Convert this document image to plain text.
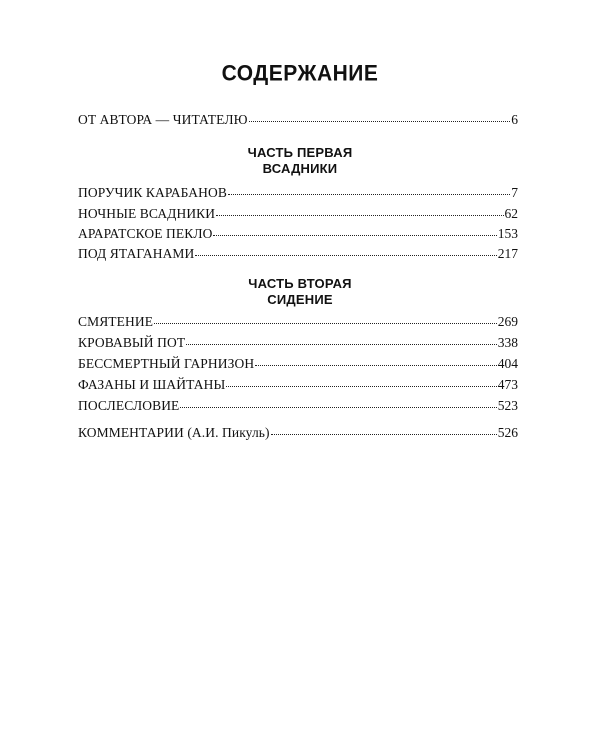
СОДЕРЖАНИЕ
ОТ АВТОРА — ЧИТАТЕЛЮ	6
ЧАСТЬ ПЕРВАЯ
ВСАДНИКИ
ПОРУЧИК КАРАБАНОВ	7
НОЧНЫЕ ВСАДНИКИ	62
АРАРАТСКОЕ ПЕКЛО	153
ПОД ЯТАГАНАМИ	217
ЧАСТЬ ВТОРАЯ
СИДЕНИЕ
СМЯТЕНИЕ	269
КРОВАВЫЙ ПОТ	338
БЕССМЕРТНЫЙ ГАРНИЗОН	404
ФАЗАНЫ И ШАЙТАНЫ	473
ПОСЛЕСЛОВИЕ	523
КОММЕНТАРИИ (А.И. Пикуль)	526
